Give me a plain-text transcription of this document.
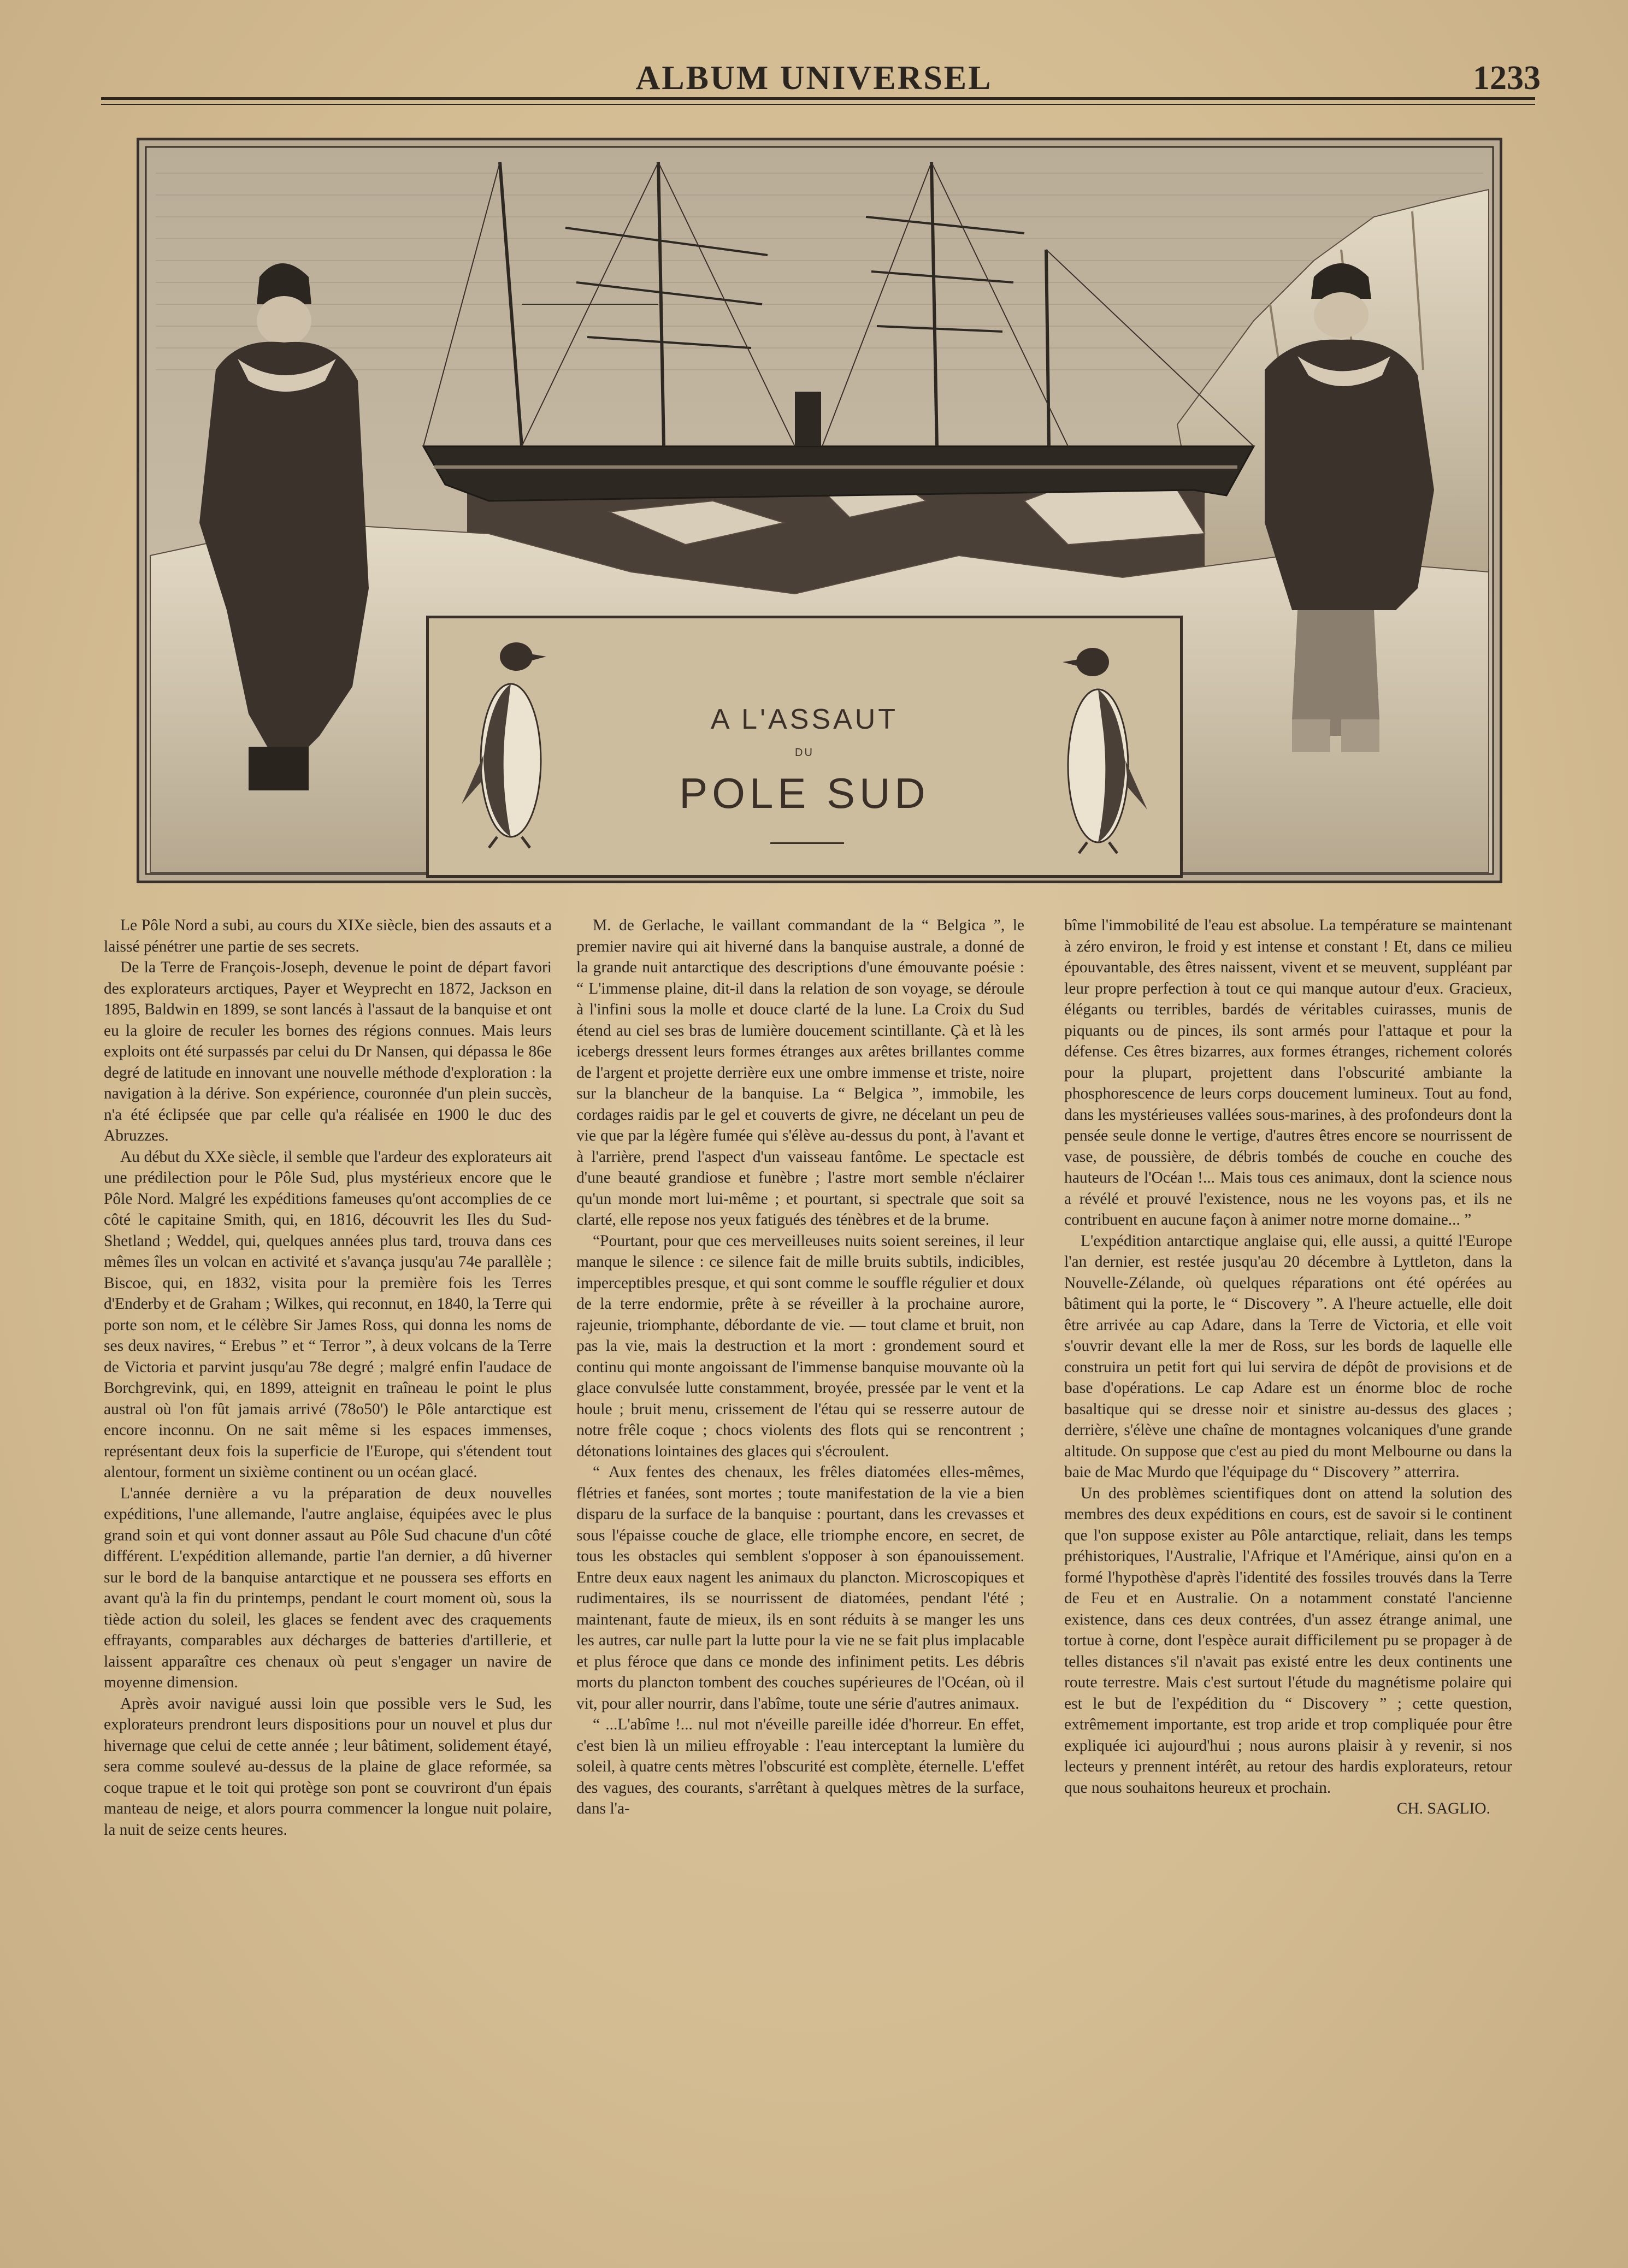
ALBUM UNIVERSEL	1233
A L'ASSAUT
DU
POLE SUD

Le Pôle Nord a subi, au cours du XIXe siècle, bien des assauts et a laissé pénétrer une partie de ses secrets.

De la Terre de François-Joseph, devenue le point de départ favori des explorateurs arctiques, Payer et Weyprecht en 1872, Jackson en 1895, Baldwin en 1899, se sont lancés à l'assaut de la banquise et ont eu la gloire de reculer les bornes des régions connues. Mais leurs exploits ont été surpassés par celui du Dr Nansen, qui dépassa le 86e degré de latitude en innovant une nouvelle méthode d'exploration : la navigation à la dérive. Son expérience, couronnée d'un plein succès, n'a été éclipsée que par celle qu'a réalisée en 1900 le duc des Abruzzes.

Au début du XXe siècle, il semble que l'ardeur des explorateurs ait une prédilection pour le Pôle Sud, plus mystérieux encore que le Pôle Nord. Malgré les expéditions fameuses qu'ont accomplies de ce côté le capitaine Smith, qui, en 1816, découvrit les Iles du Sud-Shetland ; Weddel, qui, quelques années plus tard, trouva dans ces mêmes îles un volcan en activité et s'avança jusqu'au 74e parallèle ; Biscoe, qui, en 1832, visita pour la première fois les Terres d'Enderby et de Graham ; Wilkes, qui reconnut, en 1840, la Terre qui porte son nom, et le célèbre Sir James Ross, qui donna les noms de ses deux navires, “ Erebus ” et “ Terror ”, à deux volcans de la Terre de Victoria et parvint jusqu'au 78e degré ; malgré enfin l'audace de Borchgrevink, qui, en 1899, atteignit en traîneau le point le plus austral où l'on fût jamais arrivé (78o50') le Pôle antarctique est encore inconnu. On ne sait même si les espaces immenses, représentant deux fois la superficie de l'Europe, qui s'étendent tout alentour, forment un sixième continent ou un océan glacé.

L'année dernière a vu la préparation de deux nouvelles expéditions, l'une allemande, l'autre anglaise, équipées avec le plus grand soin et qui vont donner assaut au Pôle Sud chacune d'un côté différent. L'expédition allemande, partie l'an dernier, a dû hiverner sur le bord de la banquise antarctique et ne poussera ses efforts en avant qu'à la fin du printemps, pendant le court moment où, sous la tiède action du soleil, les glaces se fendent avec des craquements effrayants, comparables aux décharges de batteries d'artillerie, et laissent apparaître ces chenaux où peut s'engager un navire de moyenne dimension.

Après avoir navigué aussi loin que possible vers le Sud, les explorateurs prendront leurs dispositions pour un nouvel et plus dur hivernage que celui de cette année ; leur bâtiment, solidement étayé, sera comme soulevé au-dessus de la plaine de glace reformée, sa coque trapue et le toit qui protège son pont se couvriront d'un épais manteau de neige, et alors pourra commencer la longue nuit polaire, la nuit de seize cents heures.

M. de Gerlache, le vaillant commandant de la “ Belgica ”, le premier navire qui ait hiverné dans la banquise australe, a donné de la grande nuit antarctique des descriptions d'une émouvante poésie : “ L'immense plaine, dit-il dans la relation de son voyage, se déroule à l'infini sous la molle et douce clarté de la lune. La Croix du Sud étend au ciel ses bras de lumière doucement scintillante. Çà et là les icebergs dressent leurs formes étranges aux arêtes brillantes comme de l'argent et projette derrière eux une ombre immense et triste, noire sur la blancheur de la banquise. La “ Belgica ”, immobile, les cordages raidis par le gel et couverts de givre, ne décelant un peu de vie que par la légère fumée qui s'élève au-dessus du pont, à l'avant et à l'arrière, prend l'aspect d'un vaisseau fantôme. Le spectacle est d'une beauté grandiose et funèbre ; l'astre mort semble n'éclairer qu'un monde mort lui-même ; et pourtant, si spectrale que soit sa clarté, elle repose nos yeux fatigués des ténèbres et de la brume.

“Pourtant, pour que ces merveilleuses nuits soient sereines, il leur manque le silence : ce silence fait de mille bruits subtils, indicibles, imperceptibles presque, et qui sont comme le souffle régulier et doux de la terre endormie, prête à se réveiller à la prochaine aurore, rajeunie, triomphante, débordante de vie. — tout clame et bruit, non pas la vie, mais la destruction et la mort : grondement sourd et continu qui monte angoissant de l'immense banquise mouvante où la glace convulsée lutte constamment, broyée, pressée par le vent et la houle ; bruit menu, crissement de l'étau qui se resserre autour de notre frêle coque ; chocs violents des flots qui se rencontrent ; détonations lointaines des glaces qui s'écroulent.

“ Aux fentes des chenaux, les frêles diatomées elles-mêmes, flétries et fanées, sont mortes ; toute manifestation de la vie a bien disparu de la surface de la banquise : pourtant, dans les crevasses et sous l'épaisse couche de glace, elle triomphe encore, en secret, de tous les obstacles qui semblent s'opposer à son épanouissement. Entre deux eaux nagent les animaux du plancton. Microscopiques et rudimentaires, ils se nourrissent de diatomées, pendant l'été ; maintenant, faute de mieux, ils en sont réduits à se manger les uns les autres, car nulle part la lutte pour la vie ne se fait plus implacable et plus féroce que dans ce monde des infiniment petits. Les débris morts du plancton tombent des couches supérieures de l'Océan, où il vit, pour aller nourrir, dans l'abîme, toute une série d'autres animaux.

“ ...L'abîme !... nul mot n'éveille pareille idée d'horreur. En effet, c'est bien là un milieu effroyable : l'eau interceptant la lumière du soleil, à quatre cents mètres l'obscurité est complète, éternelle. L'effet des vagues, des courants, s'arrêtant à quelques mètres de la surface, dans l'a-

bîme l'immobilité de l'eau est absolue. La température se maintenant à zéro environ, le froid y est intense et constant ! Et, dans ce milieu épouvantable, des êtres naissent, vivent et se meuvent, suppléant par leur propre perfection à tout ce qui manque autour d'eux. Gracieux, élégants ou terribles, bardés de véritables cuirasses, munis de piquants ou de pinces, ils sont armés pour l'attaque et pour la défense. Ces êtres bizarres, aux formes étranges, richement colorés pour la plupart, projettent dans l'obscurité ambiante la phosphorescence de leurs corps doucement lumineux. Tout au fond, dans les mystérieuses vallées sous-marines, à des profondeurs dont la pensée seule donne le vertige, d'autres êtres encore se nourrissent de vase, de poussière, de débris tombés de couche en couche des hauteurs de l'Océan !... Mais tous ces animaux, dont la science nous a révélé et prouvé l'existence, nous ne les voyons pas, et ils ne contribuent en aucune façon à animer notre morne domaine... ”

L'expédition antarctique anglaise qui, elle aussi, a quitté l'Europe l'an dernier, est restée jusqu'au 20 décembre à Lyttleton, dans la Nouvelle-Zélande, où quelques réparations ont été opérées au bâtiment qui la porte, le “ Discovery ”. A l'heure actuelle, elle doit être arrivée au cap Adare, dans la Terre de Victoria, et elle voit s'ouvrir devant elle la mer de Ross, sur les bords de laquelle elle construira un petit fort qui lui servira de dépôt de provisions et de base d'opérations. Le cap Adare est un énorme bloc de roche basaltique qui se dresse noir et sinistre au-dessus des glaces ; derrière, s'élève une chaîne de montagnes volcaniques d'une grande altitude. On suppose que c'est au pied du mont Melbourne ou dans la baie de Mac Murdo que l'équipage du “ Discovery ” atterrira.

Un des problèmes scientifiques dont on attend la solution des membres des deux expéditions en cours, est de savoir si le continent que l'on suppose exister au Pôle antarctique, reliait, dans les temps préhistoriques, l'Australie, l'Afrique et l'Amérique, ainsi qu'on en a formé l'hypothèse d'après l'identité des fossiles trouvés dans la Terre de Feu et en Australie. On a notamment constaté l'ancienne existence, dans ces deux contrées, d'un assez étrange animal, une tortue à corne, dont l'espèce aurait difficilement pu se propager à de telles distances s'il n'avait pas existé entre les deux continents une route terrestre. Mais c'est surtout l'étude du magnétisme polaire qui est le but de l'expédition du “ Discovery ” ; cette question, extrêmement importante, est trop aride et trop compliquée pour être expliquée ici aujourd'hui ; nous aurons plaisir à y revenir, si nos lecteurs y prennent intérêt, au retour des hardis explorateurs, retour que nous souhaitons heureux et prochain.

CH. SAGLIO.
